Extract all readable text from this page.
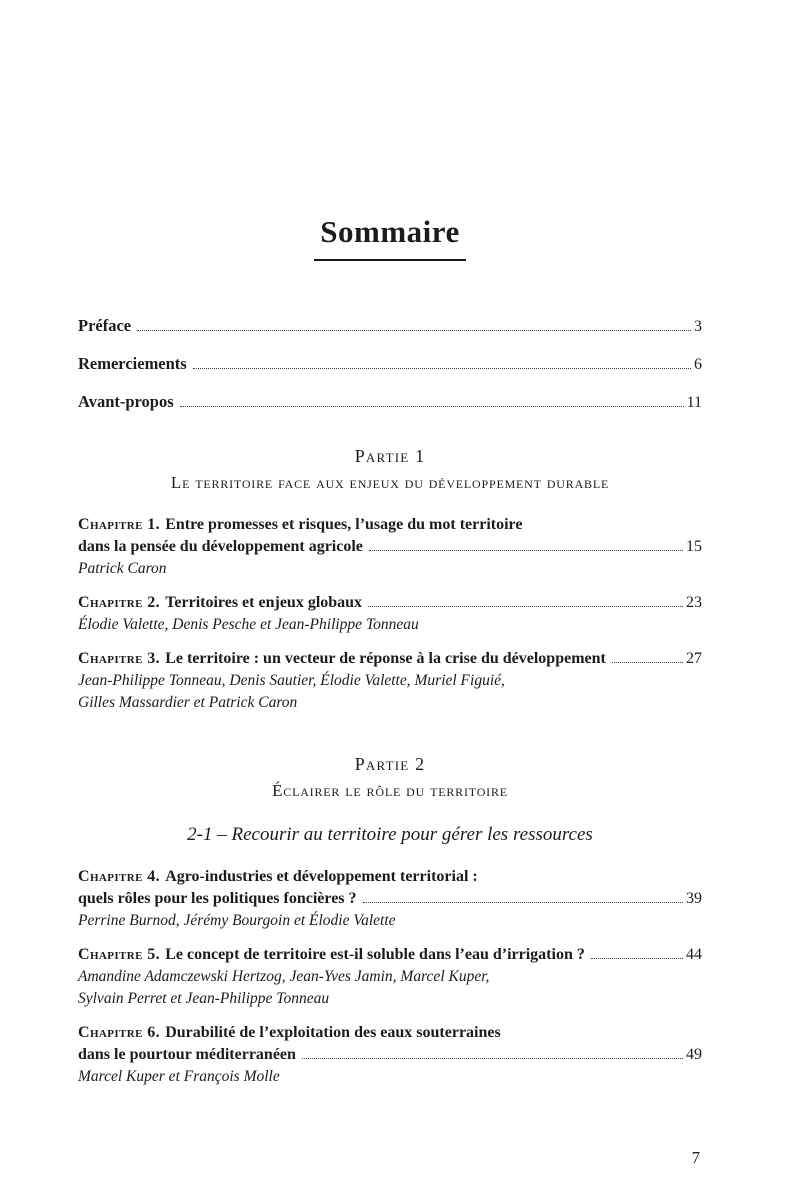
Sommaire
Préface	3
Remerciements	6
Avant-propos	11
Partie 1
Le territoire face aux enjeux du développement durable
Chapitre 1. Entre promesses et risques, l’usage du mot territoire
dans la pensée du développement agricole	15
Patrick Caron
Chapitre 2. Territoires et enjeux globaux	23
Élodie Valette, Denis Pesche et Jean-Philippe Tonneau
Chapitre 3. Le territoire : un vecteur de réponse à la crise du développement	27
Jean-Philippe Tonneau, Denis Sautier, Élodie Valette, Muriel Figuié,
Gilles Massardier et Patrick Caron
Partie 2
Éclairer le rôle du territoire
2-1 – Recourir au territoire pour gérer les ressources
Chapitre 4. Agro-industries et développement territorial :
quels rôles pour les politiques foncières ?	39
Perrine Burnod, Jérémy Bourgoin et Élodie Valette
Chapitre 5. Le concept de territoire est-il soluble dans l’eau d’irrigation ?	44
Amandine Adamczewski Hertzog, Jean-Yves Jamin, Marcel Kuper,
Sylvain Perret et Jean-Philippe Tonneau
Chapitre 6. Durabilité de l’exploitation des eaux souterraines
dans le pourtour méditerranéen	49
Marcel Kuper et François Molle
7
